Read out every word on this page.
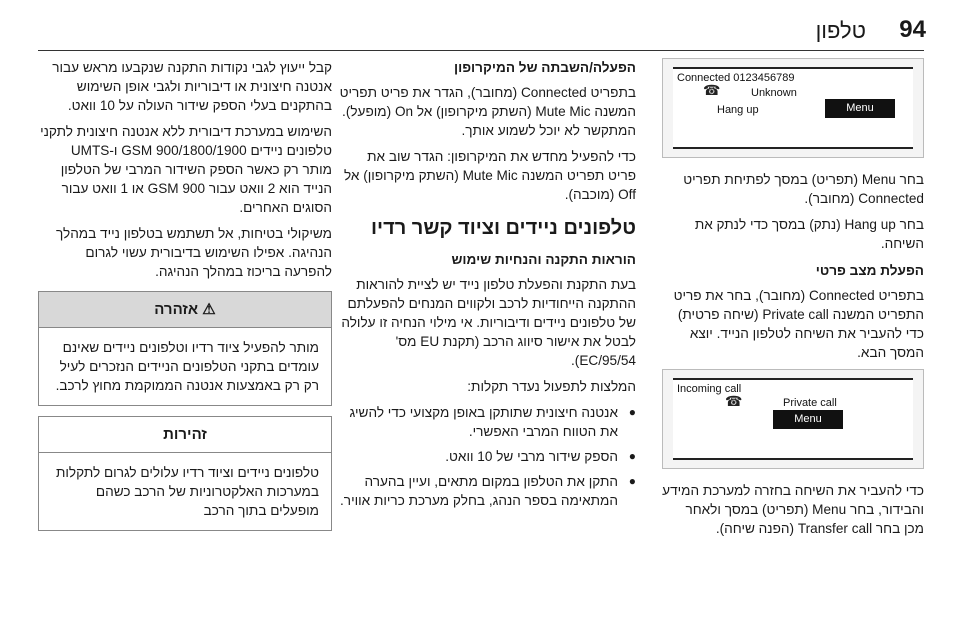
94
טלפון
Connected 0123456789
☎	Unknown
Hang up	Menu

בחר Menu (תפריט) במסך לפתיחת תפריט Connected (מחובר).

בחר Hang up (נתק) במסך כדי לנתק את השיחה.

הפעלת מצב פרטי

בתפריט Connected (מחובר), בחר את פריט התפריט המשנה Private call (שיחה פרטית) כדי להעביר את השיחה לטלפון הנייד. יוצא המסך הבא.

Incoming call
☎	Private call
Menu

כדי להעביר את השיחה בחזרה למערכת המידע והבידור, בחר Menu (תפריט) במסך ולאחר מכן בחר Transfer call (הפנה שיחה).

הפעלה/השבתה של המיקרופון

בתפריט Connected (מחובר), הגדר את פריט תפריט המשנה Mute Mic (השתק מיקרופון) אל On (מופעל). המתקשר לא יוכל לשמוע אותך.

כדי להפעיל מחדש את המיקרופון: הגדר שוב את פריט תפריט המשנה Mute Mic (השתק מיקרופון) אל Off (מוכבה).

טלפונים ניידים וציוד קשר רדיו
הוראות התקנה והנחיות שימוש

בעת התקנת והפעלת טלפון נייד יש לציית להוראות ההתקנה הייחודיות לרכב ולקווים המנחים להפעלתם של טלפונים ניידים ודיבוריות. אי מילוי הנחיה זו עלולה לבטל את אישור סיווג הרכב (תקנת EU מס' EC/95/54).

המלצות לתפעול נעדר תקלות:

● אנטנה חיצונית שתותקן באופן מקצועי כדי להשיג את הטווח המרבי האפשרי.
● הספק שידור מרבי של 10 וואט.
● התקן את הטלפון במקום מתאים, ועיין בהערה המתאימה בספר הנהג, בחלק מערכת כריות אוויר.

קבל ייעוץ לגבי נקודות התקנה שנקבעו מראש עבור אנטנה חיצונית או דיבוריות ולגבי אופן השימוש בהתקנים בעלי הספק שידור העולה על 10 וואט.

השימוש במערכת דיבורית ללא אנטנה חיצונית לתקני טלפונים ניידים GSM 900/1800/1900 ו-UMTS מותר רק כאשר הספק השידור המרבי של הטלפון הנייד הוא 2 וואט עבור GSM 900 או 1 וואט עבור הסוגים האחרים.

משיקולי בטיחות, אל תשתמש בטלפון נייד במהלך הנהיגה. אפילו השימוש בדיבורית עשוי לגרום להפרעה בריכוז במהלך הנהיגה.

⚠ אזהרה
מותר להפעיל ציוד רדיו וטלפונים ניידים שאינם עומדים בתקני הטלפונים הניידים הנזכרים לעיל רק רק באמצעות אנטנה הממוקמת מחוץ לרכב.
זהירות
טלפונים ניידים וציוד רדיו עלולים לגרום לתקלות במערכות האלקטרוניות של הרכב כשהם מופעלים בתוך הרכב
